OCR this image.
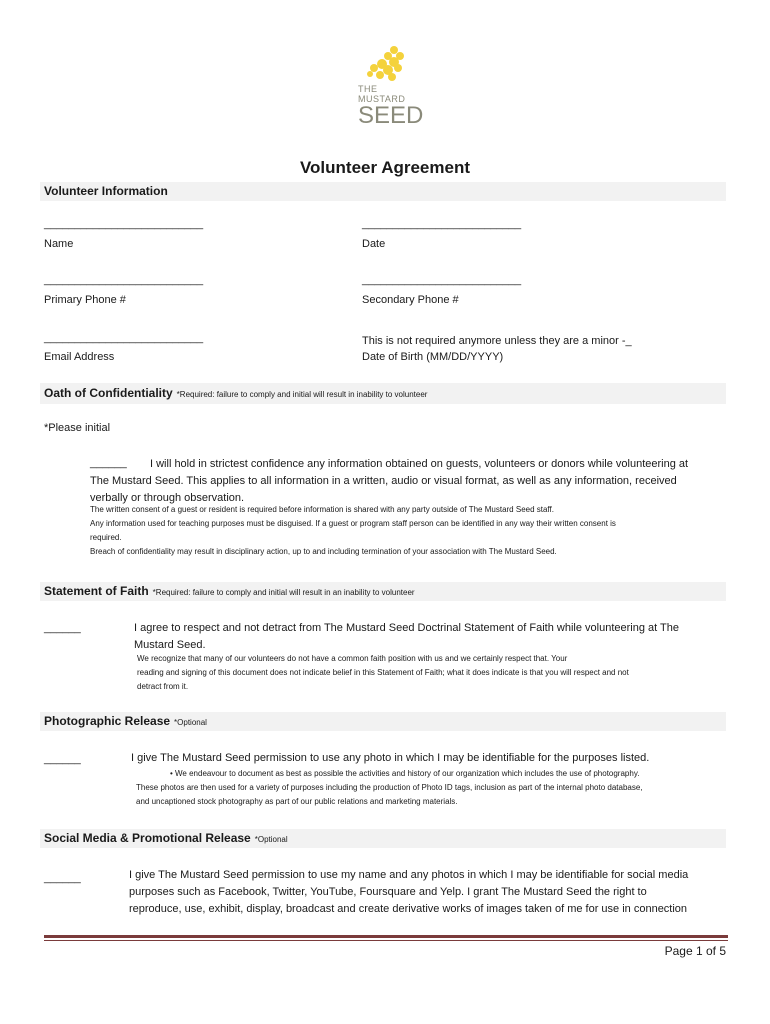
THE
MUSTARD
SEED
Volunteer Agreement
Volunteer Information
__________________________
Name
__________________________
Date
__________________________
Primary Phone #
__________________________
Secondary Phone #
__________________________
Email Address
This is not required anymore unless they are a minor -_
Date of Birth (MM/DD/YYYY)
Oath of Confidentiality *Required: failure to comply and initial will result in inability to volunteer
*Please initial
______	I will hold in strictest confidence any information obtained on guests, volunteers or donors while volunteering at
The Mustard Seed. This applies to all information in a written, audio or visual format, as well as any information, received
verbally or through observation.
The written consent of a guest or resident is required before information is shared with any party outside of The Mustard Seed staff.
Any information used for teaching purposes must be disguised. If a guest or program staff person can be identified in any way their written consent is
required.
Breach of confidentiality may result in disciplinary action, up to and including termination of your association with The Mustard Seed.
Statement of Faith *Required: failure to comply and initial will result in an inability to volunteer
______	I agree to respect and not detract from The Mustard Seed Doctrinal Statement of Faith while volunteering at The
Mustard Seed.
We recognize that many of our volunteers do not have a common faith position with us and we certainly respect that. Your
reading and signing of this document does not indicate belief in this Statement of Faith; what it does indicate is that you will respect and not
detract from it.
Photographic Release *Optional
______	I give The Mustard Seed permission to use any photo in which I may be identifiable for the purposes listed.
• We endeavour to document as best as possible the activities and history of our organization which includes the use of photography.
These photos are then used for a variety of purposes including the production of Photo ID tags, inclusion as part of the internal photo database,
and uncaptioned stock photography as part of our public relations and marketing materials.
Social Media & Promotional Release *Optional
______	I give The Mustard Seed permission to use my name and any photos in which I may be identifiable for social media
purposes such as Facebook, Twitter, YouTube, Foursquare and Yelp. I grant The Mustard Seed the right to
reproduce, use, exhibit, display, broadcast and create derivative works of images taken of me for use in connection
Page 1 of 5
